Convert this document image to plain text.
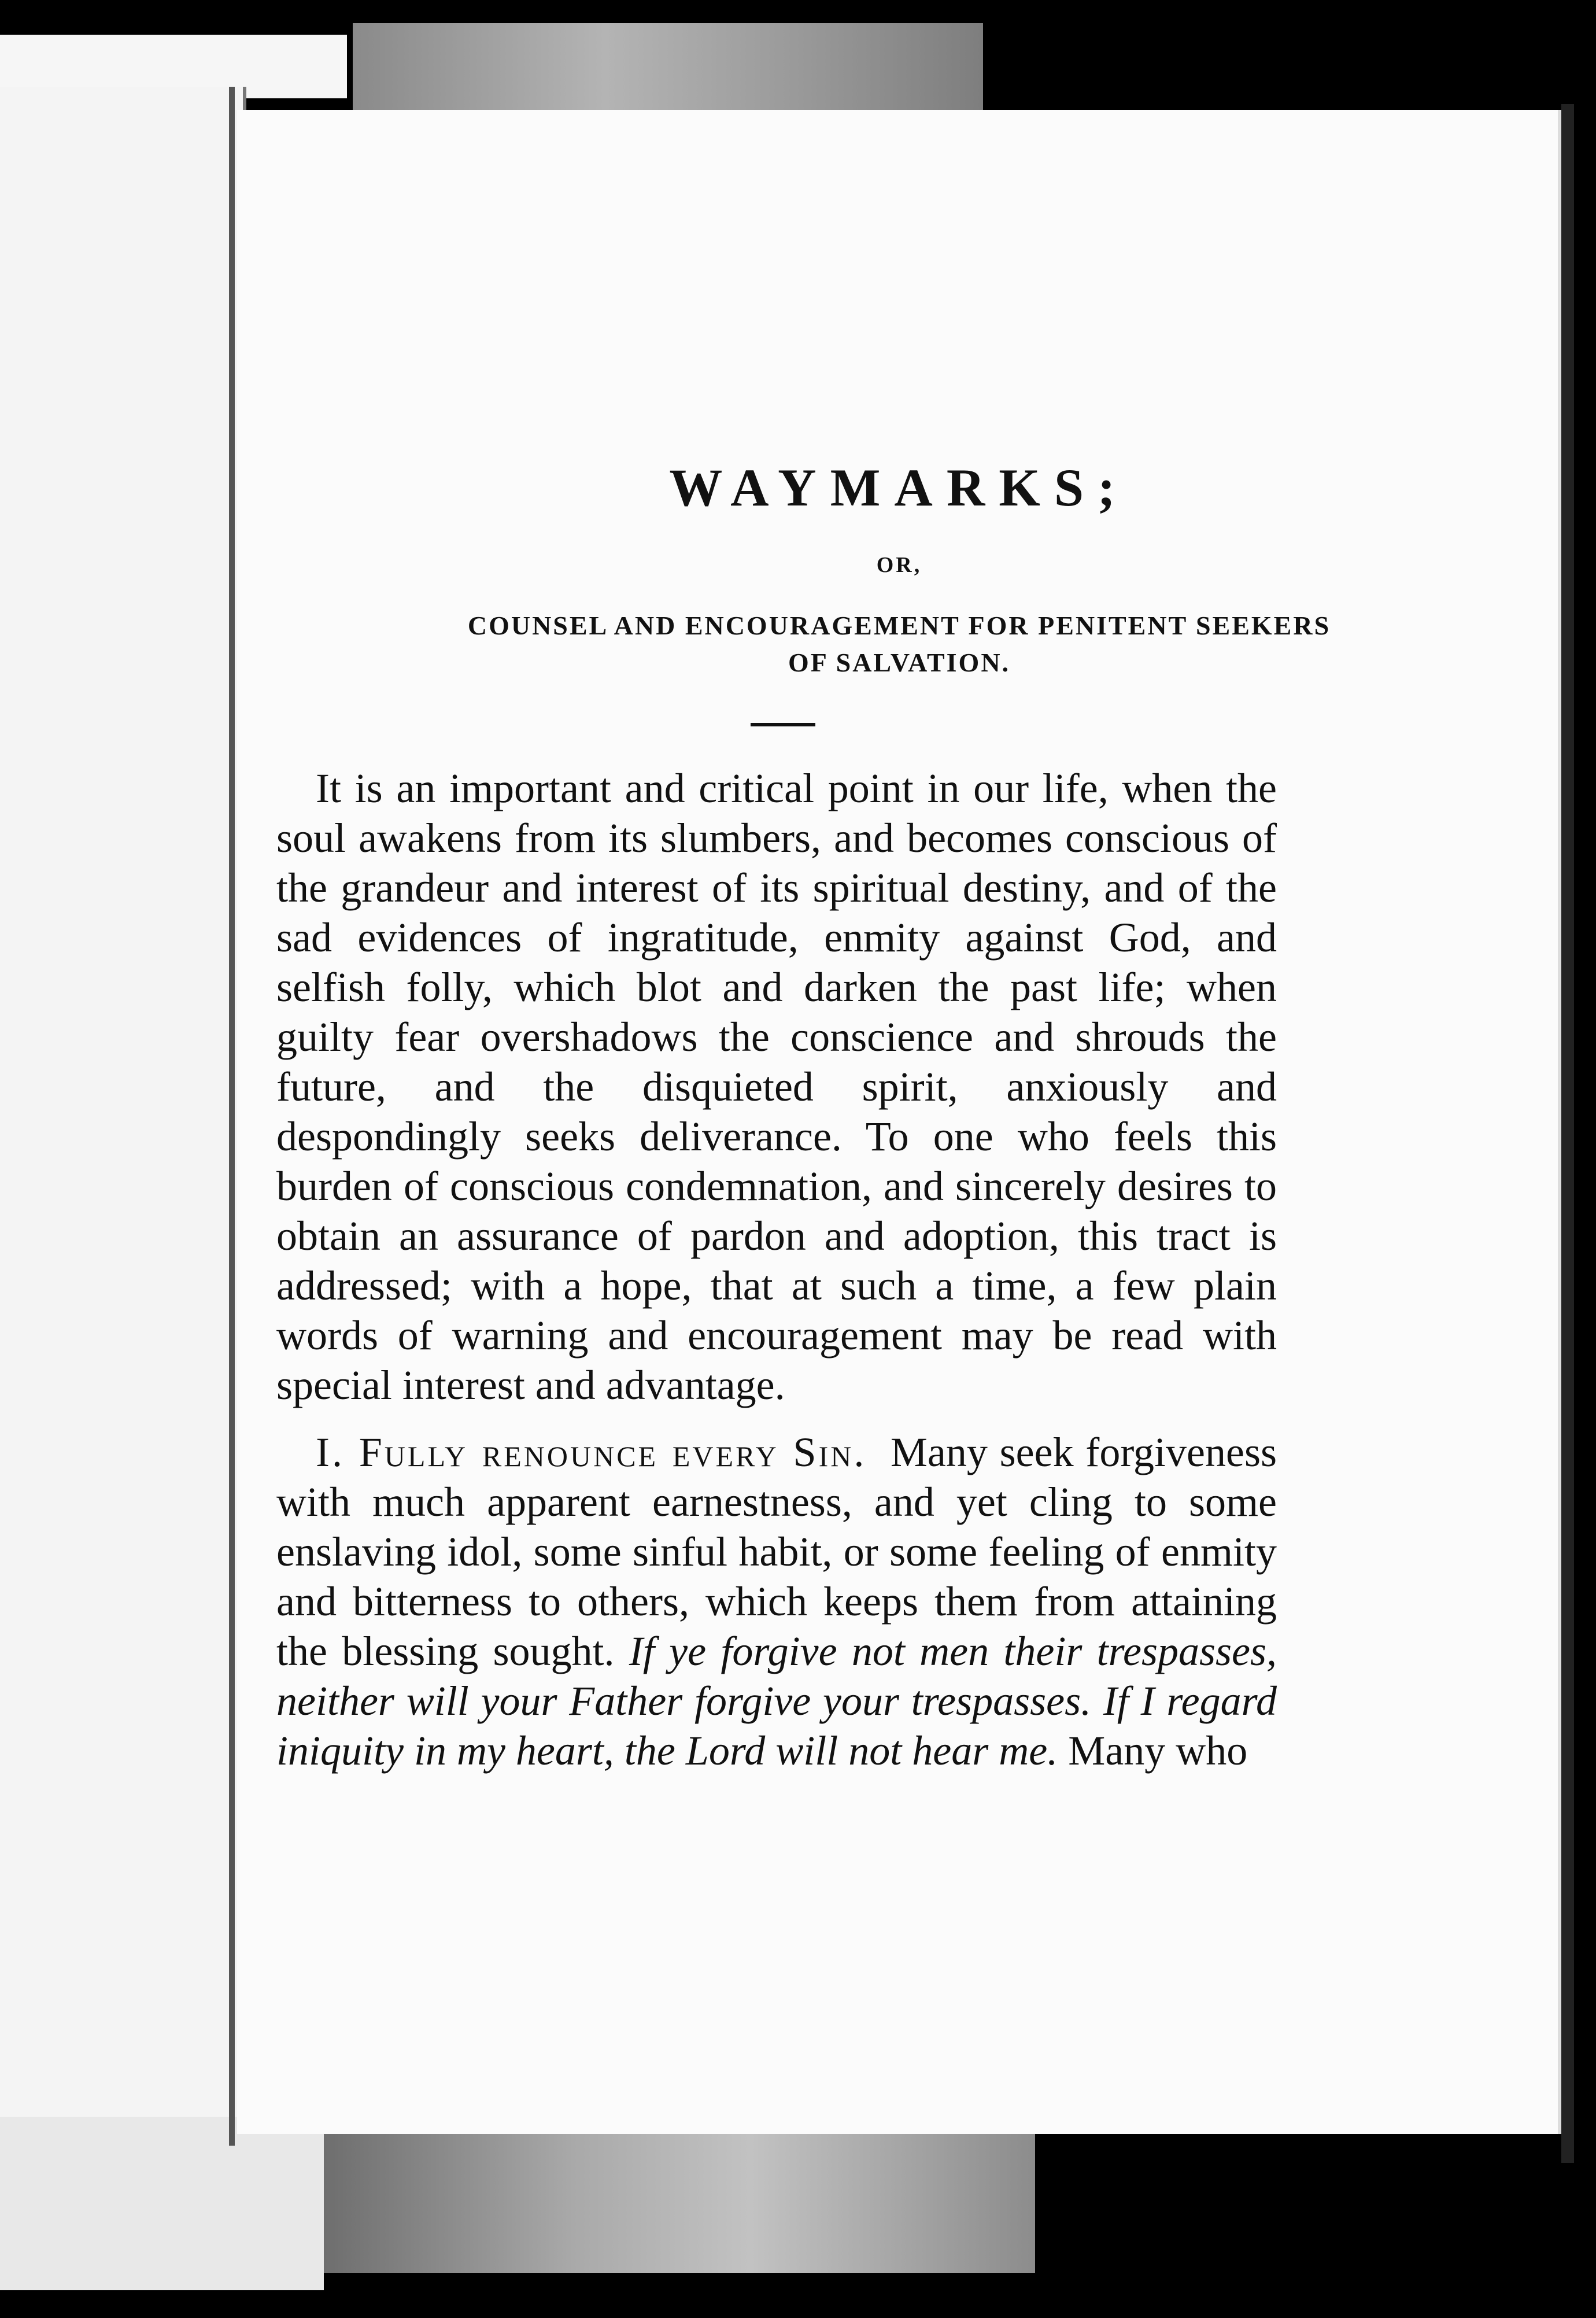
WAYMARKS;
OR,
COUNSEL AND ENCOURAGEMENT FOR PENITENT SEEKERS
OF SALVATION.

It is an important and critical point in our life, when the soul awakens from its slumbers, and becomes conscious of the grandeur and interest of its spiritual destiny, and of the sad evidences of ingratitude, enmity against God, and selfish folly, which blot and darken the past life; when guilty fear overshadows the conscience and shrouds the future, and the disquieted spirit, anxiously and despondingly seeks deliverance. To one who feels this burden of conscious condemnation, and sincerely desires to obtain an assurance of pardon and adoption, this tract is addressed; with a hope, that at such a time, a few plain words of warning and encouragement may be read with special interest and advantage.

I. Fully renounce every Sin. Many seek forgiveness with much apparent earnestness, and yet cling to some enslaving idol, some sinful habit, or some feeling of enmity and bitterness to others, which keeps them from attaining the blessing sought. If ye forgive not men their trespasses, neither will your Father forgive your trespasses. If I regard iniquity in my heart, the Lord will not hear me. Many who
